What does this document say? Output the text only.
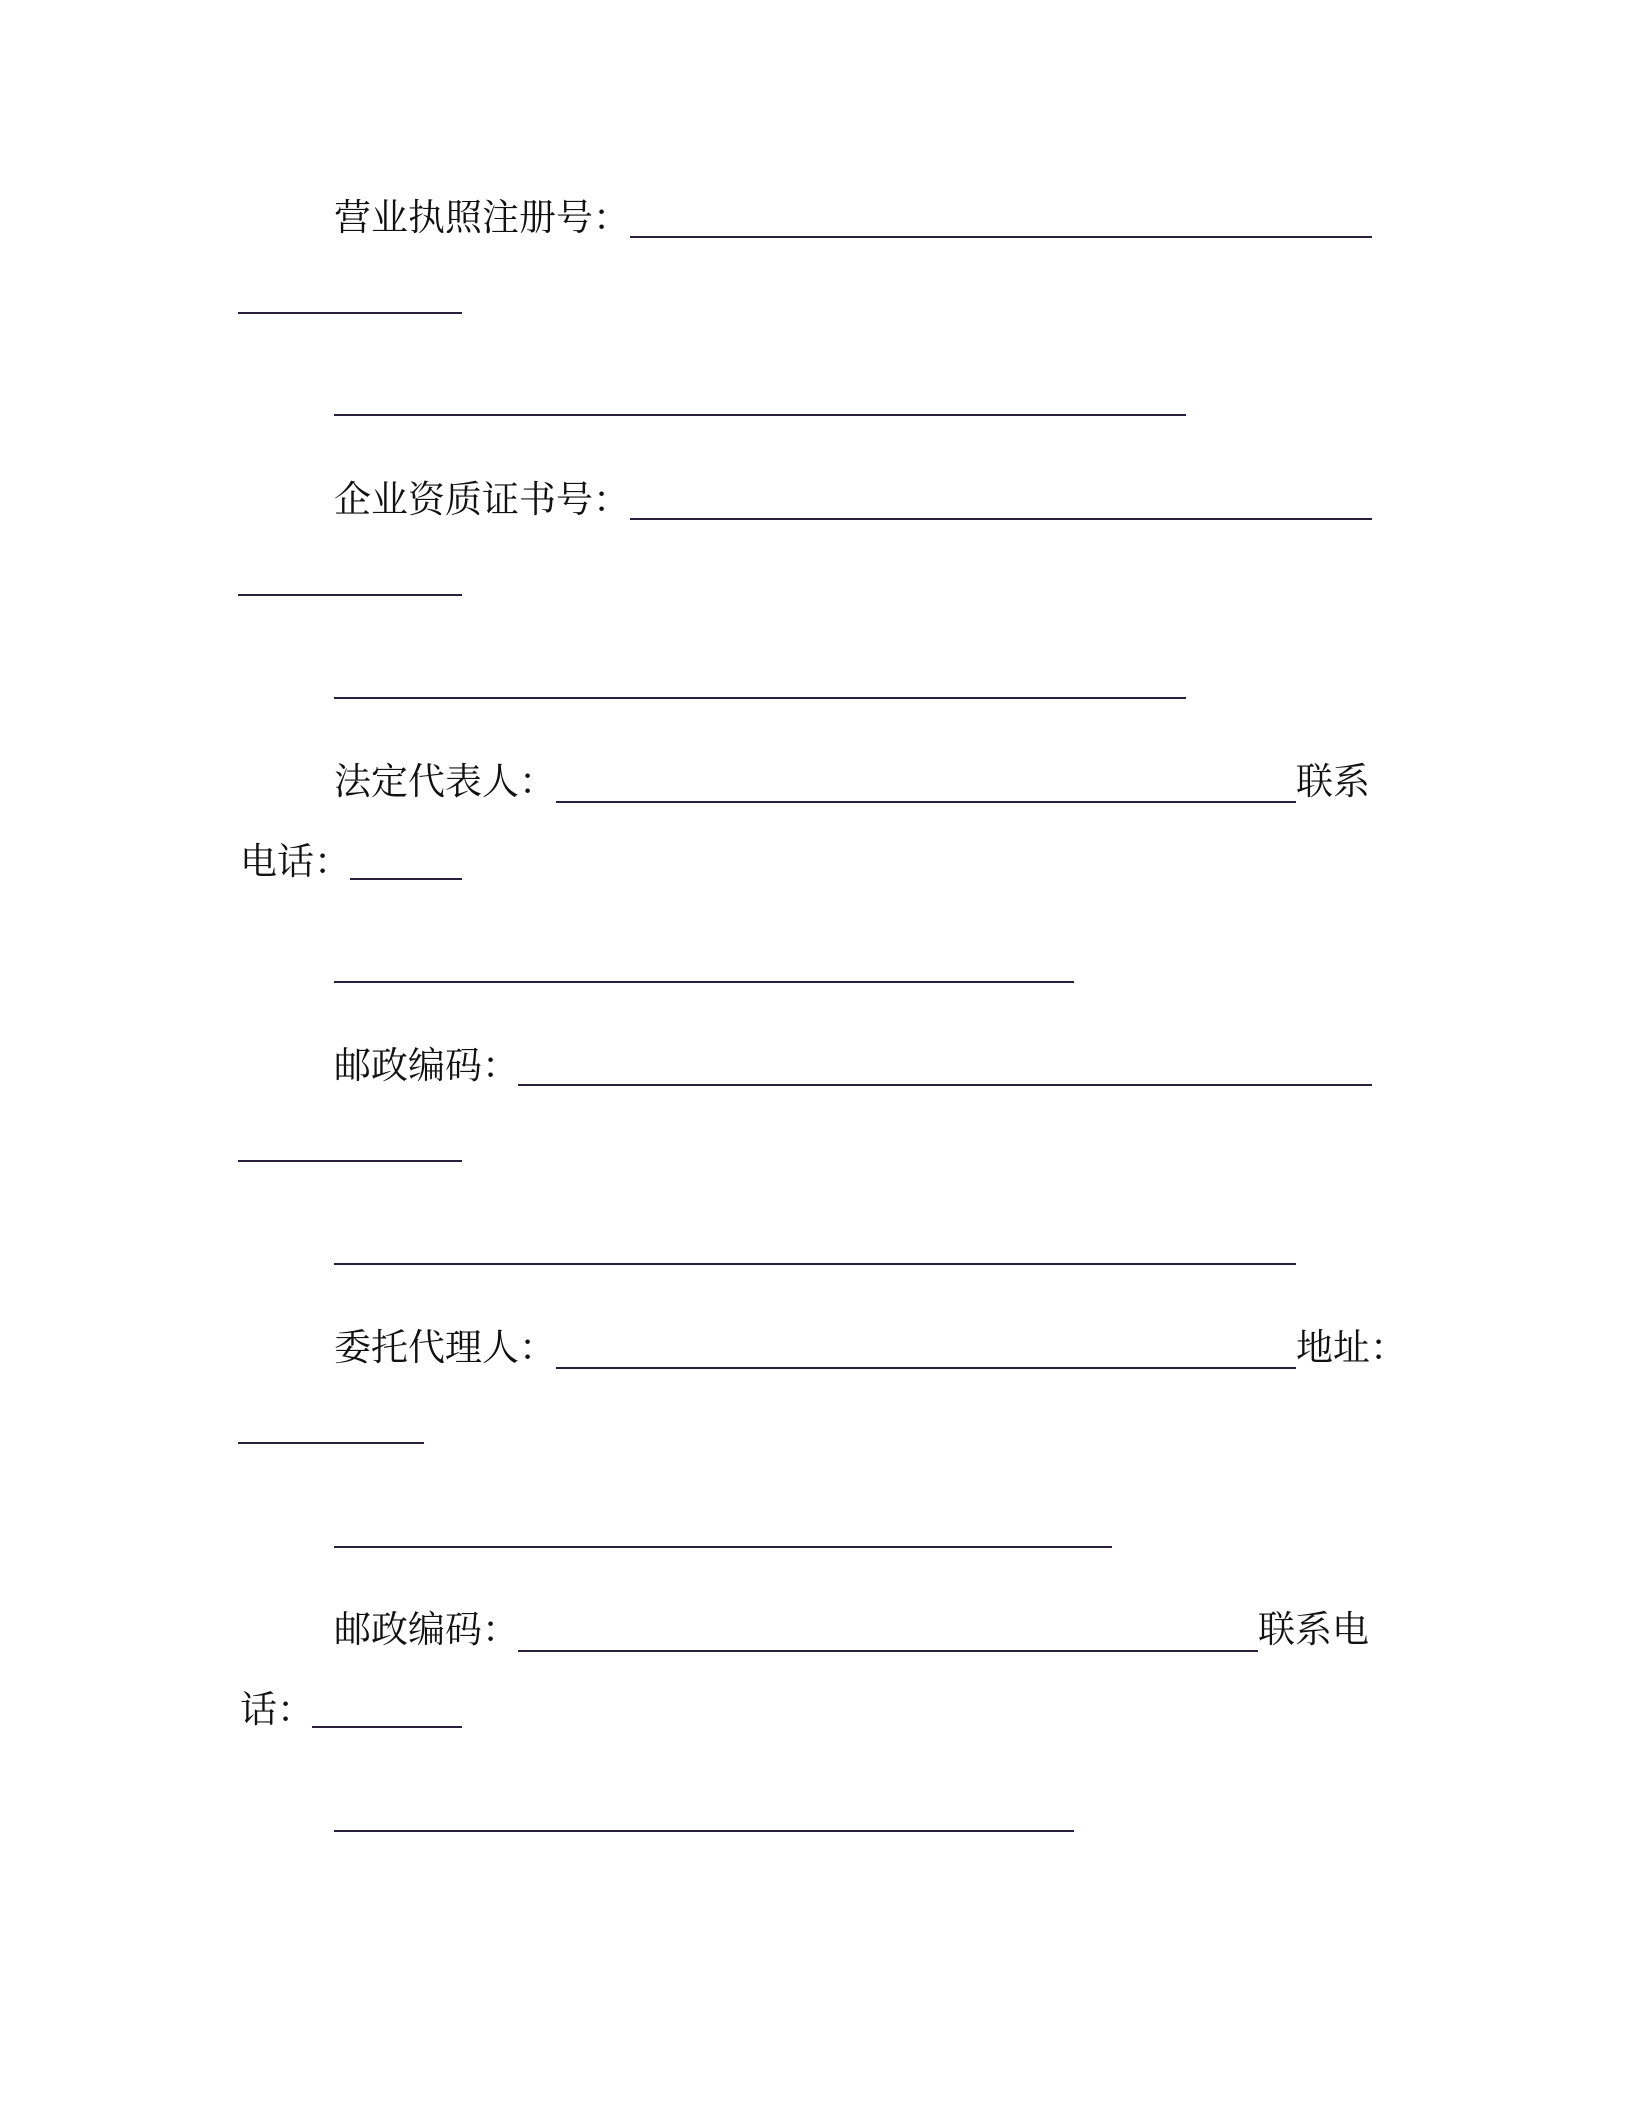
营业执照注册号：
企业资质证书号：
法定代表人：	联系
电话：
邮政编码：
委托代理人：	地址：
邮政编码：	联系电
话：
